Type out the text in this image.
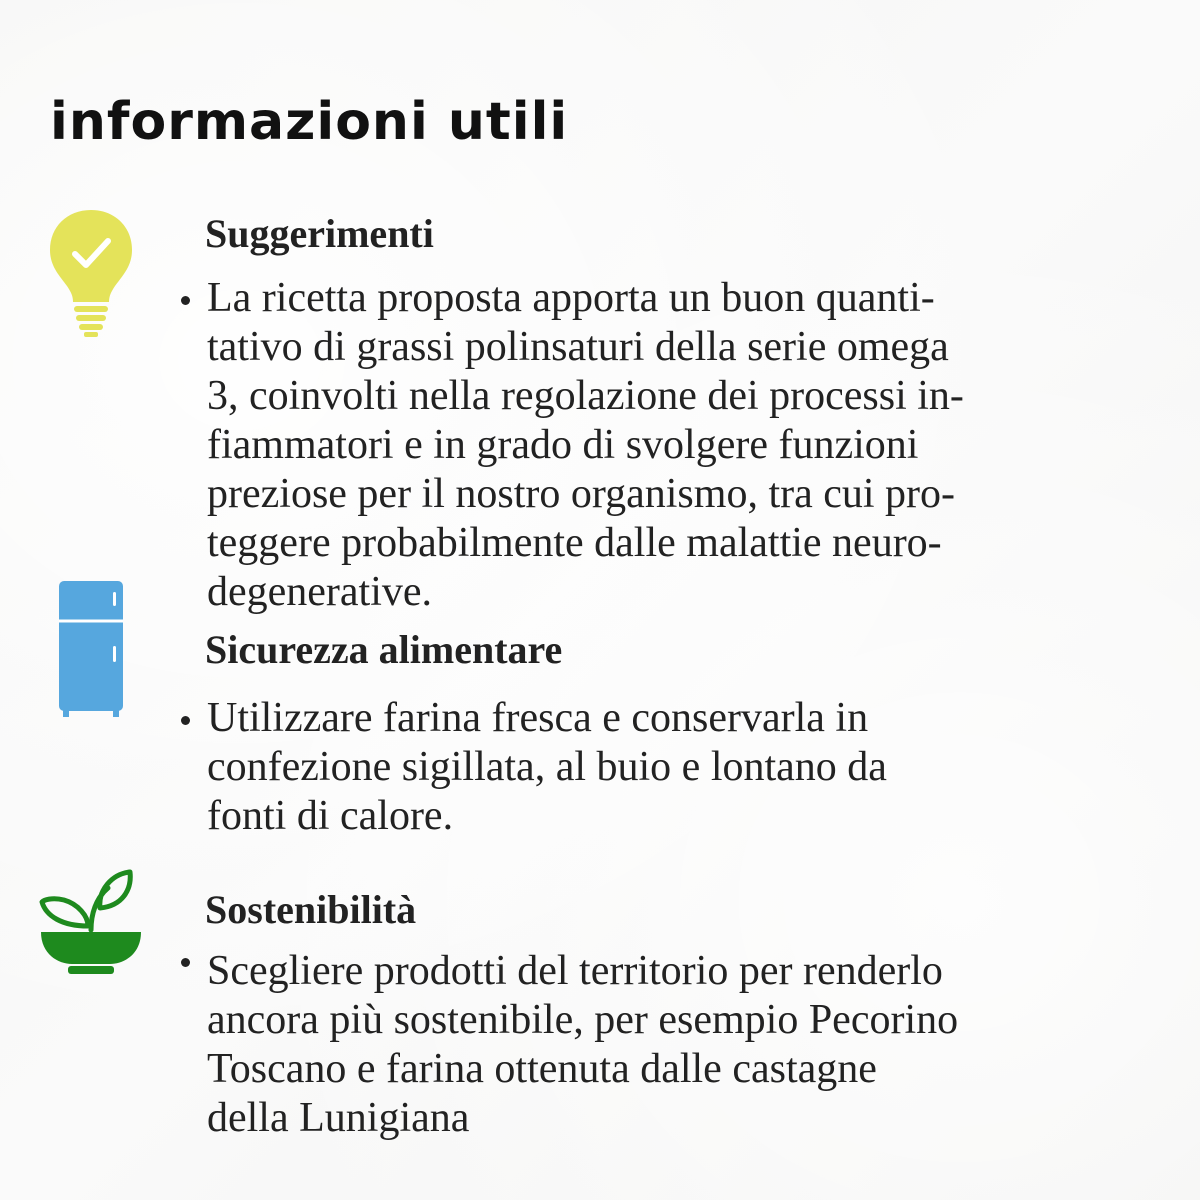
informazioni utili
Suggerimenti

La ricetta proposta apporta un buon quanti-
tativo di grassi polinsaturi della serie omega
3, coinvolti nella regolazione dei processi in-
fiammatori e in grado di svolgere funzioni
preziose per il nostro organismo, tra cui pro-
teggere probabilmente dalle malattie neuro-
degenerative.

Sicurezza alimentare

Utilizzare farina fresca e conservarla in
confezione sigillata, al buio e lontano da
fonti di calore.

Sostenibilità

Scegliere prodotti del territorio per renderlo
ancora più sostenibile, per esempio Pecorino
Toscano e farina ottenuta dalle castagne
della Lunigiana
